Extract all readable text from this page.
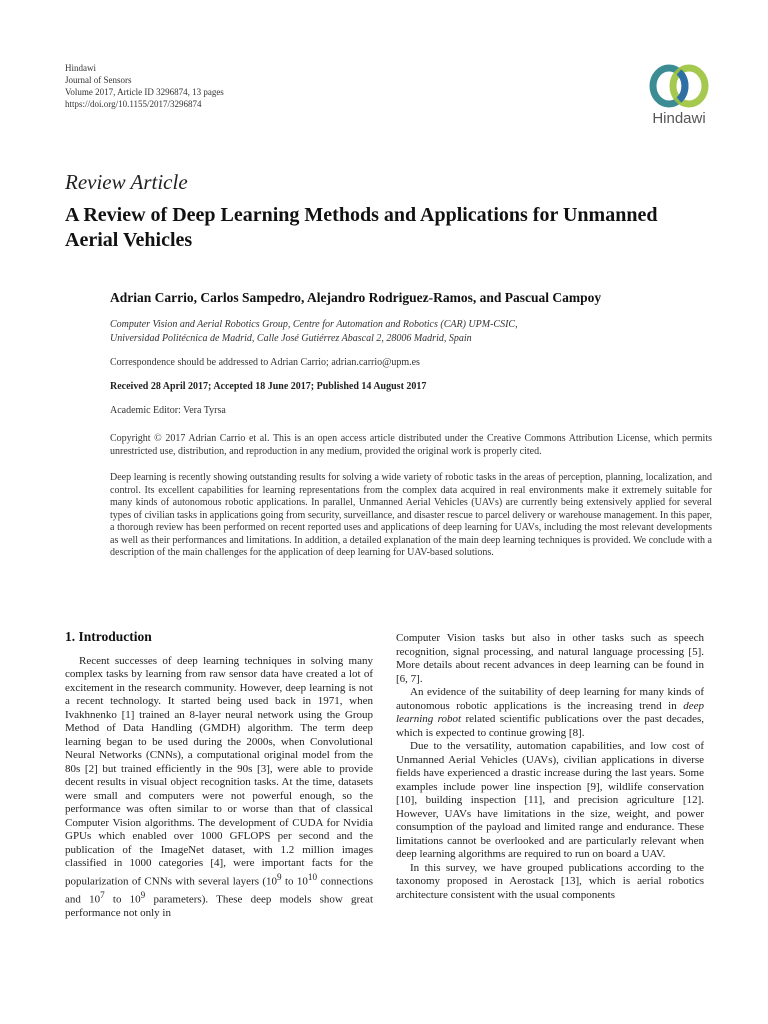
Hindawi
Journal of Sensors
Volume 2017, Article ID 3296874, 13 pages
https://doi.org/10.1155/2017/3296874
Hindawi
Review Article
A Review of Deep Learning Methods and Applications for Unmanned Aerial Vehicles
Adrian Carrio, Carlos Sampedro, Alejandro Rodriguez-Ramos, and Pascual Campoy
Computer Vision and Aerial Robotics Group, Centre for Automation and Robotics (CAR) UPM-CSIC,
Universidad Politécnica de Madrid, Calle José Gutiérrez Abascal 2, 28006 Madrid, Spain
Correspondence should be addressed to Adrian Carrio; adrian.carrio@upm.es
Received 28 April 2017; Accepted 18 June 2017; Published 14 August 2017
Academic Editor: Vera Tyrsa
Copyright © 2017 Adrian Carrio et al. This is an open access article distributed under the Creative Commons Attribution License, which permits unrestricted use, distribution, and reproduction in any medium, provided the original work is properly cited.
Deep learning is recently showing outstanding results for solving a wide variety of robotic tasks in the areas of perception, planning, localization, and control. Its excellent capabilities for learning representations from the complex data acquired in real environments make it extremely suitable for many kinds of autonomous robotic applications. In parallel, Unmanned Aerial Vehicles (UAVs) are currently being extensively applied for several types of civilian tasks in applications going from security, surveillance, and disaster rescue to parcel delivery or warehouse management. In this paper, a thorough review has been performed on recent reported uses and applications of deep learning for UAVs, including the most relevant developments as well as their performances and limitations. In addition, a detailed explanation of the main deep learning techniques is provided. We conclude with a description of the main challenges for the application of deep learning for UAV-based solutions.
1. Introduction

Recent successes of deep learning techniques in solving many complex tasks by learning from raw sensor data have created a lot of excitement in the research community. However, deep learning is not a recent technology. It started being used back in 1971, when Ivakhnenko [1] trained an 8-layer neural network using the Group Method of Data Handling (GMDH) algorithm. The term deep learning began to be used during the 2000s, when Convolutional Neural Networks (CNNs), a computational original model from the 80s [2] but trained efficiently in the 90s [3], were able to provide decent results in visual object recognition tasks. At the time, datasets were small and computers were not powerful enough, so the performance was often similar to or worse than that of classical Computer Vision algorithms. The development of CUDA for Nvidia GPUs which enabled over 1000 GFLOPS per second and the publication of the ImageNet dataset, with 1.2 million images classified in 1000 categories [4], were important facts for the popularization of CNNs with several layers ($10^9$ to $10^{10}$ connections and $10^7$ to $10^9$ parameters). These deep models show great performance not only in

Computer Vision tasks but also in other tasks such as speech recognition, signal processing, and natural language processing [5]. More details about recent advances in deep learning can be found in [6, 7].

An evidence of the suitability of deep learning for many kinds of autonomous robotic applications is the increasing trend in deep learning robot related scientific publications over the past decades, which is expected to continue growing [8].

Due to the versatility, automation capabilities, and low cost of Unmanned Aerial Vehicles (UAVs), civilian applications in diverse fields have experienced a drastic increase during the last years. Some examples include power line inspection [9], wildlife conservation [10], building inspection [11], and precision agriculture [12]. However, UAVs have limitations in the size, weight, and power consumption of the payload and limited range and endurance. These limitations cannot be overlooked and are particularly relevant when deep learning algorithms are required to run on board a UAV.

In this survey, we have grouped publications according to the taxonomy proposed in Aerostack [13], which is aerial robotics architecture consistent with the usual components
